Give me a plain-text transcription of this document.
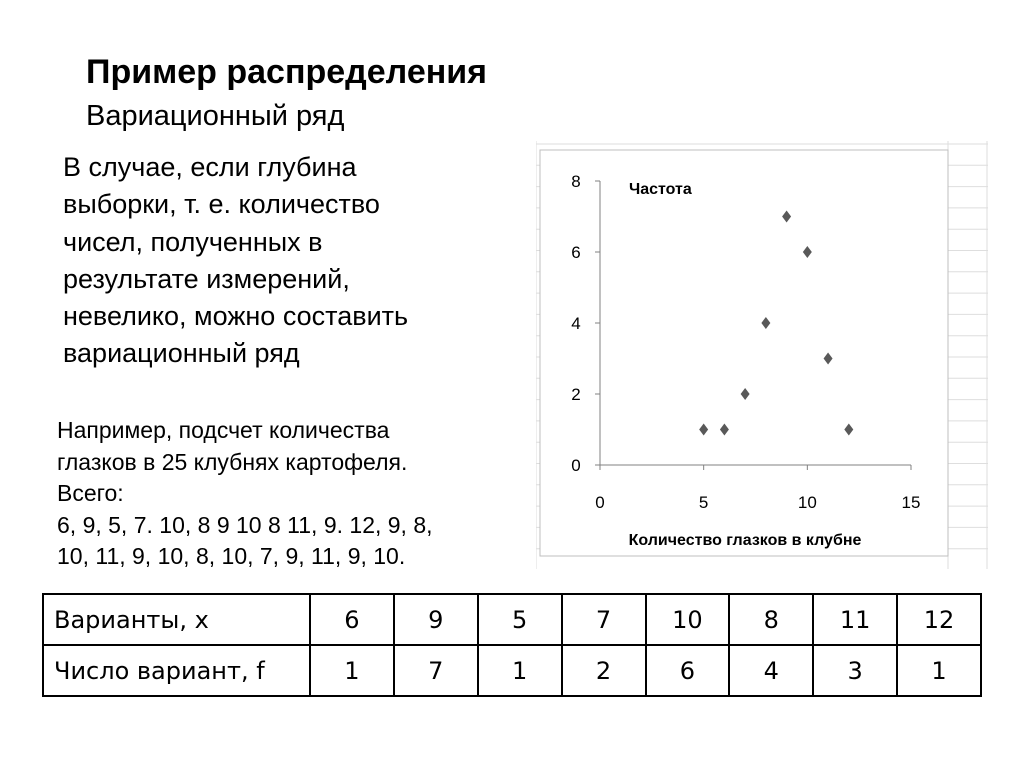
Пример распределения
Вариационный ряд
В случае, если глубина
выборки, т. е. количество
чисел, полученных в
результате измерений,
невелико, можно составить
вариационный ряд
Например, подсчет количества
глазков в 25 клубнях картофеля.
Всего:
6, 9, 5, 7. 10, 8 9 10 8 11, 9. 12, 9, 8,
10, 11, 9, 10, 8, 10, 7, 9, 11, 9, 10.
0
2
4
6
8
0	5	10	15
Частота
Количество глазков в клубне
Варианты, x	6	9	5	7	10	8	11	12
Число вариант, f	1	7	1	2	6	4	3	1
